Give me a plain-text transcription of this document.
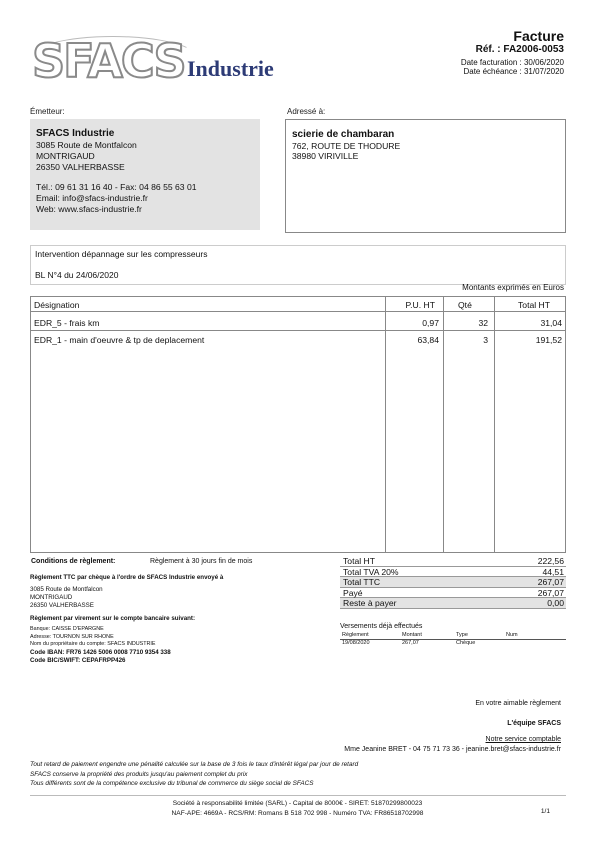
SFACS Industrie
Facture
Réf. : FA2006-0053
Date facturation : 30/06/2020
Date échéance : 31/07/2020
Émetteur:
SFACS Industrie
3085 Route de Montfalcon
MONTRIGAUD
26350 VALHERBASSE
Tél.: 09 61 31 16 40 - Fax: 04 86 55 63 01
Email: info@sfacs-industrie.fr
Web: www.sfacs-industrie.fr
Adressé à:
scierie de chambaran
762, ROUTE DE THODURE
38980 VIRIVILLE
Intervention dépannage sur les compresseurs
BL N°4 du 24/06/2020
Montants exprimés en Euros
Désignation	P.U. HT	Qté	Total HT
EDR_5 - frais km	0,97	32	31,04
EDR_1 - main d'oeuvre & tp de deplacement	63,84	3	191,52
Conditions de règlement:	Règlement à 30 jours fin de mois
Règlement TTC par chèque à l'ordre de SFACS Industrie envoyé à
3085 Route de Montfalcon
MONTRIGAUD
26350 VALHERBASSE
Règlement par virement sur le compte bancaire suivant:
Banque: CAISSE D'EPARGNE
Adresse: TOURNON SUR RHONE
Nom du propriétaire du compte: SFACS INDUSTRIE
Code IBAN: FR76 1426 5006 0008 7710 9354 338
Code BIC/SWIFT: CEPAFRPP426
Total HT	222,56
Total TVA 20%	44,51
Total TTC	267,07
Payé	267,07
Reste à payer	0,00
Versements déjà effectués
Règlement	Montant	Type	Num
19/08/2020	267,07	Chèque
En votre aimable règlement
L'équipe SFACS
Notre service comptable
Mme Jeanine BRET - 04 75 71 73 36 - jeanine.bret@sfacs-industrie.fr
Tout retard de paiement engendre une pénalité calculée sur la base de 3 fois le taux d'intérêt légal par jour de retard
SFACS conserve la propriété des produits jusqu'au paiement complet du prix
Tous différents sont de la compétence exclusive du tribunal de commerce du siège social de SFACS
Société à responsabilité limitée (SARL) - Capital de 8000€ - SIRET: 51870299800023
NAF-APE: 4669A - RCS/RM: Romans B 518 702 998 - Numéro TVA: FR86518702998	1/1
